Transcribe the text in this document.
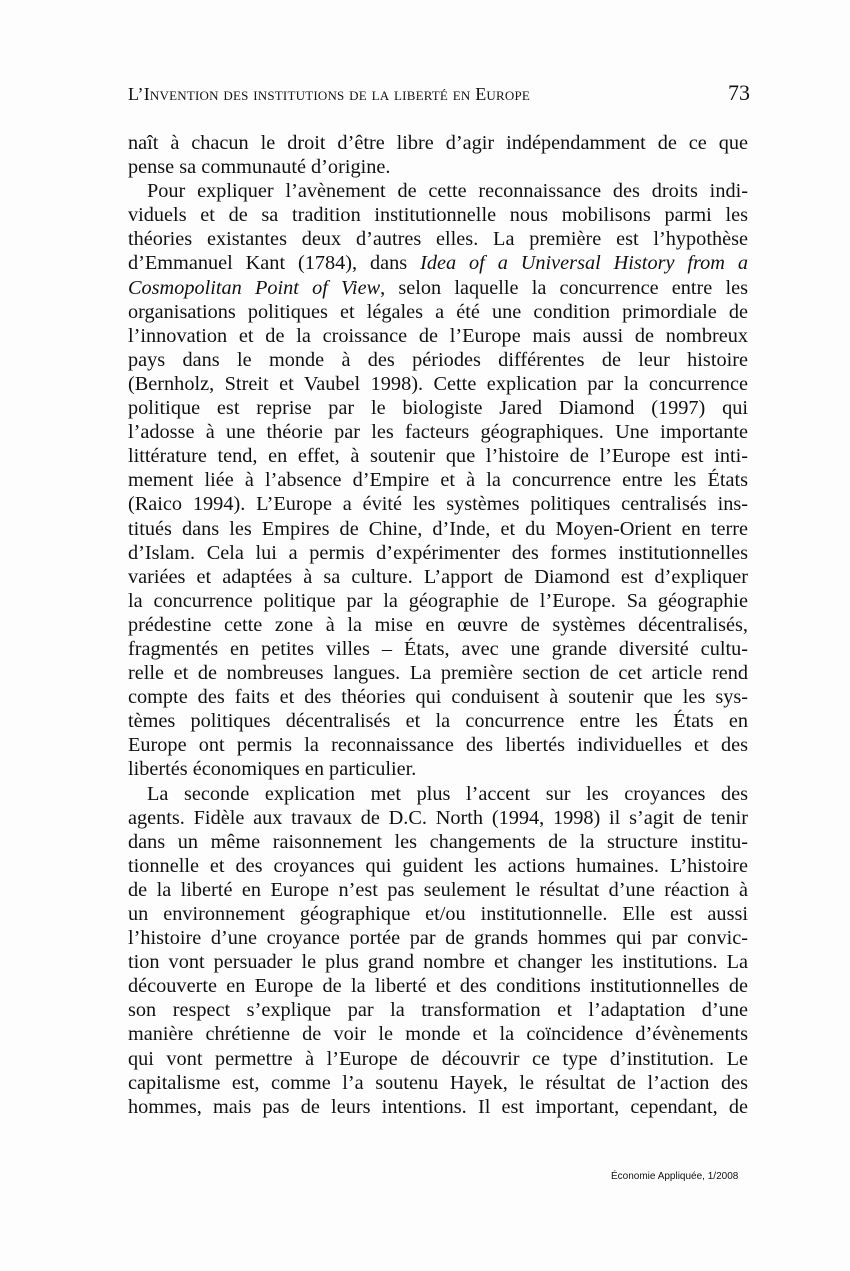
L’Invention des institutions de la liberté en Europe	73
naît à chacun le droit d’être libre d’agir indépendamment de ce que
pense sa communauté d’origine.
Pour expliquer l’avènement de cette reconnaissance des droits indi-
viduels et de sa tradition institutionnelle nous mobilisons parmi les
théories existantes deux d’autres elles. La première est l’hypothèse
d’Emmanuel Kant (1784), dans Idea of a Universal History from a
Cosmopolitan Point of View, selon laquelle la concurrence entre les
organisations politiques et légales a été une condition primordiale de
l’innovation et de la croissance de l’Europe mais aussi de nombreux
pays dans le monde à des périodes différentes de leur histoire
(Bernholz, Streit et Vaubel 1998). Cette explication par la concurrence
politique est reprise par le biologiste Jared Diamond (1997) qui
l’adosse à une théorie par les facteurs géographiques. Une importante
littérature tend, en effet, à soutenir que l’histoire de l’Europe est inti-
mement liée à l’absence d’Empire et à la concurrence entre les États
(Raico 1994). L’Europe a évité les systèmes politiques centralisés ins-
titués dans les Empires de Chine, d’Inde, et du Moyen-Orient en terre
d’Islam. Cela lui a permis d’expérimenter des formes institutionnelles
variées et adaptées à sa culture. L’apport de Diamond est d’expliquer
la concurrence politique par la géographie de l’Europe. Sa géographie
prédestine cette zone à la mise en œuvre de systèmes décentralisés,
fragmentés en petites villes – États, avec une grande diversité cultu-
relle et de nombreuses langues. La première section de cet article rend
compte des faits et des théories qui conduisent à soutenir que les sys-
tèmes politiques décentralisés et la concurrence entre les États en
Europe ont permis la reconnaissance des libertés individuelles et des
libertés économiques en particulier.
La seconde explication met plus l’accent sur les croyances des
agents. Fidèle aux travaux de D.C. North (1994, 1998) il s’agit de tenir
dans un même raisonnement les changements de la structure institu-
tionnelle et des croyances qui guident les actions humaines. L’histoire
de la liberté en Europe n’est pas seulement le résultat d’une réaction à
un environnement géographique et/ou institutionnelle. Elle est aussi
l’histoire d’une croyance portée par de grands hommes qui par convic-
tion vont persuader le plus grand nombre et changer les institutions. La
découverte en Europe de la liberté et des conditions institutionnelles de
son respect s’explique par la transformation et l’adaptation d’une
manière chrétienne de voir le monde et la coïncidence d’évènements
qui vont permettre à l’Europe de découvrir ce type d’institution. Le
capitalisme est, comme l’a soutenu Hayek, le résultat de l’action des
hommes, mais pas de leurs intentions. Il est important, cependant, de
Économie Appliquée, 1/2008
